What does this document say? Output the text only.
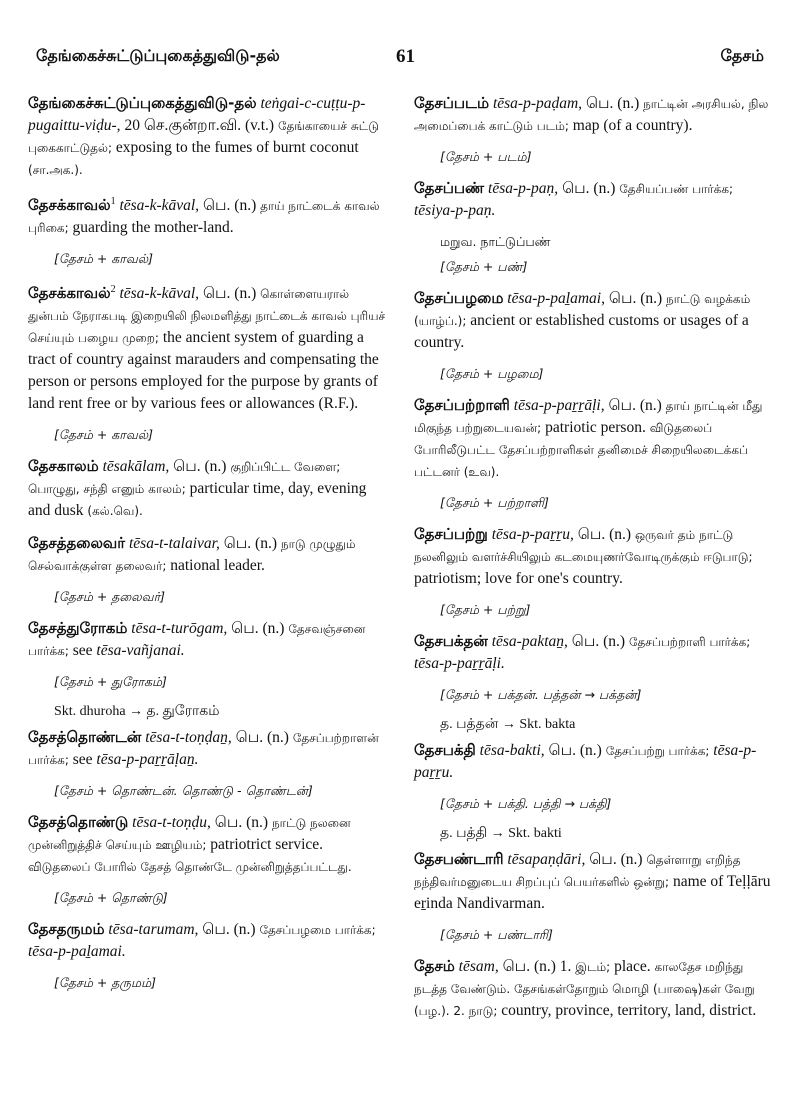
தேங்கைச்சுட்டுப்புகைத்துவிடு-தல்	61	தேசம்

தேங்கைச்சுட்டுப்புகைத்துவிடு-தல் teṅgai-c-cuṭṭu-p-pugaittu-viḍu-, 20 செ.குன்றா.வி. (v.t.) தேங்காயைச் சுட்டு புகைகாட்டுதல்; exposing to the fumes of burnt coconut (சா.அக.).

தேசக்காவல்$^1$ tēsa-k-kāval, பெ. (n.) தாய் நாட்டைக் காவல் புரிகை; guarding the mother-land.

[தேசம் + காவல்]

தேசக்காவல்$^2$ tēsa-k-kāval, பெ. (n.) கொள்ளையரால் துன்பம் நேராகபடி இறையிலி நிலமளித்து நாட்டைக் காவல் புரியச் செய்யும் பழைய முறை; the ancient system of guarding a tract of country against marauders and compensating the person or persons employed for the purpose by grants of land rent free or by various fees or allowances (R.F.).

[தேசம் + காவல்]

தேசகாலம் tēsakālam, பெ. (n.) குறிப்பிட்ட வேளை; பொழுது, சந்தி எனும் காலம்; particular time, day, evening and dusk (கல்.வெ).

தேசத்தலைவர் tēsa-t-talaivar, பெ. (n.) நாடு முழுதும் செல்வாக்குள்ள தலைவர்; national leader.

[தேசம் + தலைவர்]

தேசத்துரோகம் tēsa-t-turōgam, பெ. (n.) தேசவஞ்சனை பார்க்க; see tēsa-vañjanai.

[தேசம் + துரோகம்]

Skt. dhuroha → த. துரோகம்

தேசத்தொண்டன் tēsa-t-toṇḍaṉ, பெ. (n.) தேசப்பற்றாளன் பார்க்க; see tēsa-p-paṟṟāḷaṉ.

[தேசம் + தொண்டன். தொண்டு - தொண்டன்]

தேசத்தொண்டு tēsa-t-toṇḍu, பெ. (n.) நாட்டு நலனை முன்னிறுத்திச் செய்யும் ஊழியம்; patriotrict service. விடுதலைப் போரில் தேசத் தொண்டே முன்னிறுத்தப்பட்டது.

[தேசம் + தொண்டு]

தேசதருமம் tēsa-tarumam, பெ. (n.) தேசப்பழமை பார்க்க; tēsa-p-paḻamai.

[தேசம் + தருமம்]

தேசப்படம் tēsa-p-paḍam, பெ. (n.) நாட்டின் அரசியல், நில அமைப்பைக் காட்டும் படம்; map (of a country).

[தேசம் + படம்]

தேசப்பண் tēsa-p-paṇ, பெ. (n.) தேசியப்பண் பார்க்க; tēsiya-p-paṇ.

மறுவ. நாட்டுப்பண்

[தேசம் + பண்]

தேசப்பழமை tēsa-p-paḻamai, பெ. (n.) நாட்டு வழக்கம் (யாழ்ப்.); ancient or established customs or usages of a country.

[தேசம் + பழமை]

தேசப்பற்றாளி tēsa-p-paṟṟāḷi, பெ. (n.) தாய் நாட்டின் மீது மிகுந்த பற்றுடையவன்; patriotic person. விடுதலைப் போரிலீடுபட்ட தேசப்பற்றாளிகள் தனிமைச் சிறையிலடைக்கப் பட்டனர் (உவ).

[தேசம் + பற்றாளி]

தேசப்பற்று tēsa-p-paṟṟu, பெ. (n.) ஒருவர் தம் நாட்டு நலனிலும் வளர்ச்சியிலும் கடமையுணர்வோடிருக்கும் ஈடுபாடு; patriotism; love for one's country.

[தேசம் + பற்று]

தேசபக்தன் tēsa-paktaṉ, பெ. (n.) தேசப்பற்றாளி பார்க்க; tēsa-p-paṟṟāḷi.

[தேசம் + பக்தன். பத்தன் → பக்தன்]

த. பத்தன் → Skt. bakta

தேசபக்தி tēsa-bakti, பெ. (n.) தேசப்பற்று பார்க்க; tēsa-p-paṟṟu.

[தேசம் + பக்தி. பத்தி → பக்தி]

த. பத்தி → Skt. bakti

தேசபண்டாரி tēsapaṇḍāri, பெ. (n.) தெள்ளாறு எறிந்த நந்திவர்மனுடைய சிறப்புப் பெயர்களில் ஒன்று; name of Teḷḷāru eṟinda Nandivarman.

[தேசம் + பண்டாரி]

தேசம் tēsam, பெ. (n.) 1. இடம்; place. காலதேச மறிந்து நடத்த வேண்டும். தேசங்கள்தோறும் மொழி (பாஷை)கள் வேறு (பழ.). 2. நாடு; country, province, territory, land, district.
